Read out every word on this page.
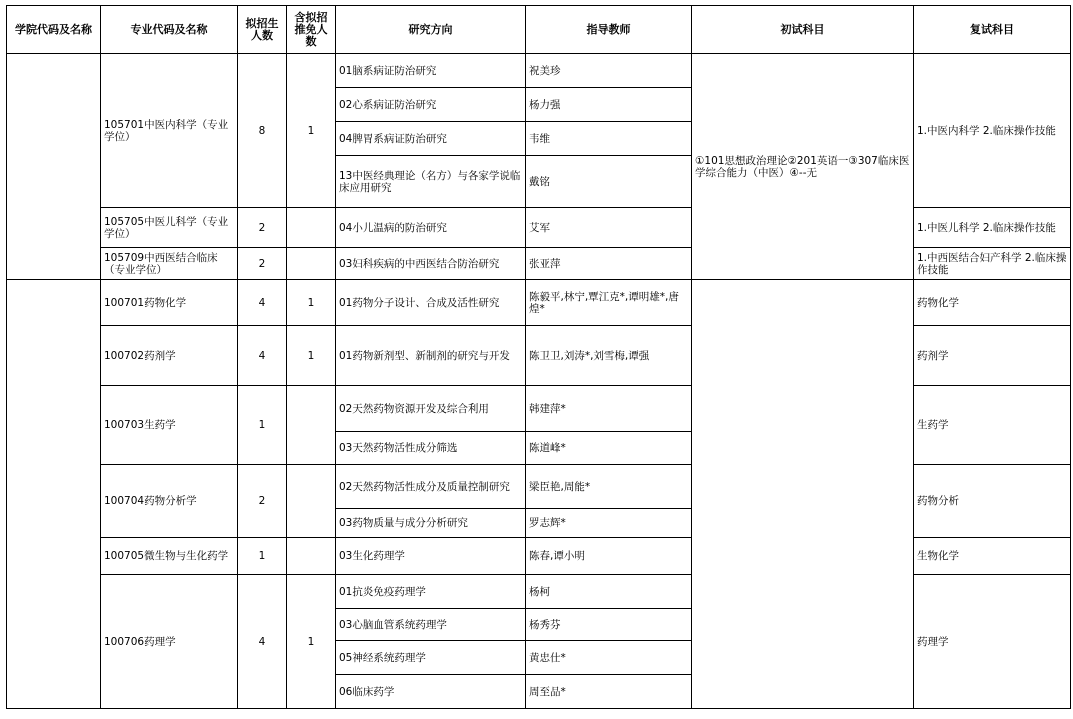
学院代码及名称	专业代码及名称	拟招生人数	含拟招推免人数	研究方向	指导教师	初试科目	复试科目
	105701中医内科学（专业学位）	8	1	01脑系病证防治研究	祝美珍	①101思想政治理论②201英语一③307临床医学综合能力（中医）④--无	1.中医内科学 2.临床操作技能
				02心系病证防治研究	杨力强		
				04脾胃系病证防治研究	韦维		
				13中医经典理论（名方）与各家学说临床应用研究	戴铭		
	105705中医儿科学（专业学位）	2		04小儿温病的防治研究	艾军		1.中医儿科学 2.临床操作技能
	105709中西医结合临床（专业学位）	2		03妇科疾病的中西医结合防治研究	张亚萍		1.中西医结合妇产科学 2.临床操作技能
	100701药物化学	4	1	01药物分子设计、合成及活性研究	陈毅平,林宁,覃江克*,谭明雄*,唐煌*		药物化学
	100702药剂学	4	1	01药物新剂型、新制剂的研究与开发	陈卫卫,刘涛*,刘雪梅,谭强		药剂学
	100703生药学	1		02天然药物资源开发及综合利用	韩建萍*		生药学
				03天然药物活性成分筛选	陈道峰*		
	100704药物分析学	2		02天然药物活性成分及质量控制研究	梁臣艳,周能*		药物分析
				03药物质量与成分分析研究	罗志辉*		
	100705微生物与生化药学	1		03生化药理学	陈春,谭小明		生物化学
	100706药理学	4	1	01抗炎免疫药理学	杨柯		药理学
				03心脑血管系统药理学	杨秀芬		
				05神经系统药理学	黄忠仕*		
				06临床药学	周至品*		
